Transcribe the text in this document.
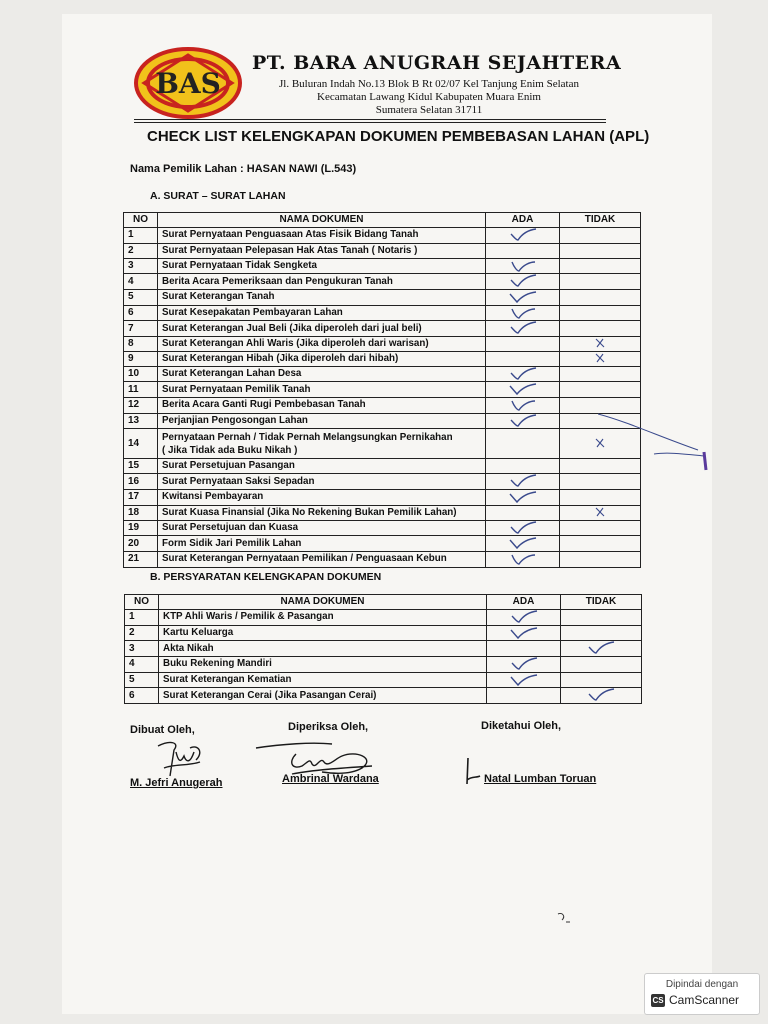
BAS
PT. BARA ANUGRAH SEJAHTERA
Jl. Buluran Indah No.13 Blok B Rt 02/07 Kel Tanjung Enim Selatan
Kecamatan Lawang Kidul Kabupaten Muara Enim
Sumatera Selatan 31711
CHECK LIST KELENGKAPAN DOKUMEN PEMBEBASAN LAHAN (APL)
Nama Pemilik Lahan : HASAN NAWI (L.543)
A. SURAT – SURAT LAHAN
NO	NAMA DOKUMEN	ADA	TIDAK
1	Surat Pernyataan Penguasaan Atas Fisik Bidang Tanah		
2	Surat Pernyataan Pelepasan Hak Atas Tanah ( Notaris )		
3	Surat Pernyataan Tidak Sengketa		
4	Berita Acara Pemeriksaan dan Pengukuran Tanah		
5	Surat Keterangan Tanah		
6	Surat Kesepakatan Pembayaran Lahan		
7	Surat Keterangan Jual Beli (Jika diperoleh dari jual beli)		
8	Surat Keterangan Ahli Waris (Jika diperoleh dari warisan)		
9	Surat Keterangan Hibah (Jika diperoleh dari hibah)		
10	Surat Keterangan Lahan Desa		
11	Surat Pernyataan Pemilik Tanah		
12	Berita Acara Ganti Rugi Pembebasan Tanah		
13	Perjanjian Pengosongan Lahan		
14	Pernyataan Pernah / Tidak Pernah Melangsungkan Pernikahan
( Jika Tidak ada Buku Nikah )

15	Surat Persetujuan Pasangan		
16	Surat Pernyataan Saksi Sepadan		
17	Kwitansi Pembayaran		
18	Surat Kuasa Finansial (Jika No Rekening Bukan Pemilik Lahan)		
19	Surat Persetujuan dan Kuasa		
20	Form Sidik Jari Pemilik Lahan		
21	Surat Keterangan Pernyataan Pemilikan / Penguasaan Kebun		
B. PERSYARATAN KELENGKAPAN DOKUMEN
NO	NAMA DOKUMEN	ADA	TIDAK
1	KTP Ahli Waris / Pemilik & Pasangan		
2	Kartu Keluarga		
3	Akta Nikah		
4	Buku Rekening Mandiri		
5	Surat Keterangan Kematian		
6	Surat Keterangan Cerai (Jika Pasangan Cerai)		
Dibuat Oleh,	Diperiksa Oleh,	Diketahui Oleh,
M. Jefri Anugerah	Ambrinal Wardana	Natal Lumban Toruan
Dipindai dengan
CS CamScanner
